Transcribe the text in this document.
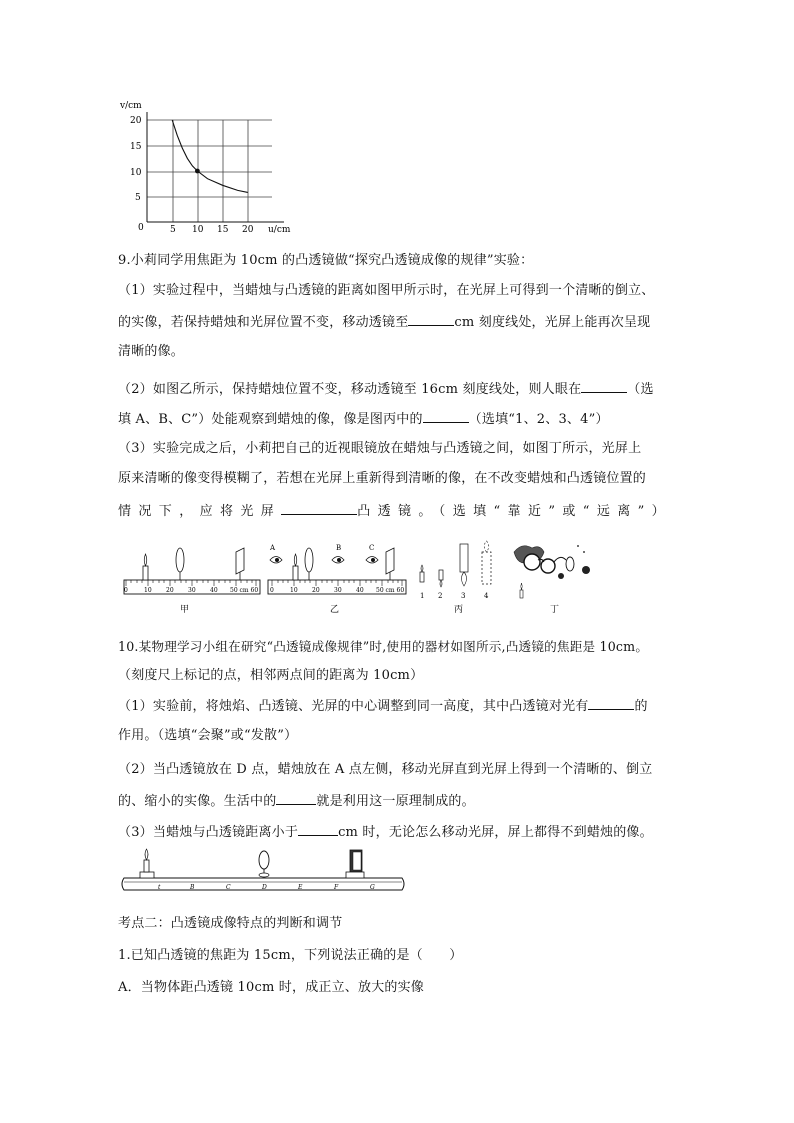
v/cm
u/cm
0
20
15
10
5
5 10 15 20
9.小莉同学用焦距为 10cm 的凸透镜做“探究凸透镜成像的规律”实验：
（1）实验过程中，当蜡烛与凸透镜的距离如图甲所示时，在光屏上可得到一个清晰的倒立、
的实像，若保持蜡烛和光屏位置不变，移动透镜至	cm 刻度线处，光屏上能再次呈现
清晰的像。
（2）如图乙所示，保持蜡烛位置不变，移动透镜至 16cm 刻度线处，则人眼在	（选
填 A、B、C”）处能观察到蜡烛的像，像是图丙中的	（选填“1、2、3、4”）
（3）实验完成之后，小莉把自己的近视眼镜放在蜡烛与凸透镜之间，如图丁所示，光屏上
原来清晰的像变得模糊了，若想在光屏上重新得到清晰的像，在不改变蜡烛和凸透镜位置的
情况下，应将光屏	凸透镜。（选填“靠近”或“远离”）
0	10 20 30 40 50 cm 60
甲
0	10 20 30 40 50 cm 60
A	B	C
乙
1 2	3	4
丙	丁
10.某物理学习小组在研究“凸透镜成像规律”时,使用的器材如图所示,凸透镜的焦距是 10cm。
（刻度尺上标记的点，相邻两点间的距离为 10cm）
（1）实验前，将烛焰、凸透镜、光屏的中心调整到同一高度，其中凸透镜对光有	的
作用。（选填“会聚”或“发散”）
（2）当凸透镜放在 D 点，蜡烛放在 A 点左侧，移动光屏直到光屏上得到一个清晰的、倒立
的、缩小的实像。生活中的	就是利用这一原理制成的。
（3）当蜡烛与凸透镜距离小于	cm 时，无论怎么移动光屏，屏上都得不到蜡烛的像。
t	B	C	D	E	F	G
考点二：凸透镜成像特点的判断和调节
1.已知凸透镜的焦距为 15cm，下列说法正确的是（　　）
A．当物体距凸透镜 10cm 时，成正立、放大的实像
